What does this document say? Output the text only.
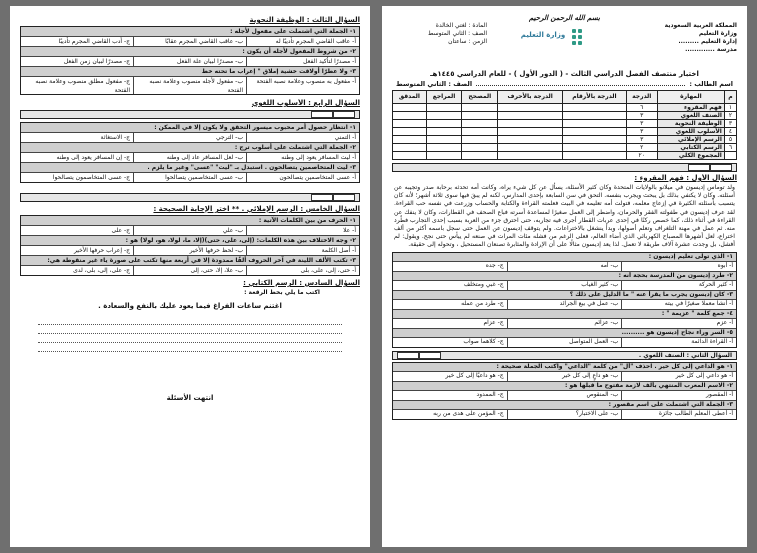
السؤال الثالث : الوظيفة النحوية
١- الجملة التي اشتملت على مفعول لأجله :
أ- عاقب القاضي المجرم تأديبًا له
ب- عاقب القاضي المجرم عقابًا
ج- أدب القاضي المجرم تأديبًا
٢- من شروط المفعول لأجله أن يكون :
أ- مصدرًا لتأكيد الفعل
ب- مصدرًا لبيان علة الفعل
ج- مصدرًا لبيان زمن الفعل
٣- ولا عطرًا أولاقت خشية إملاق " إعراب ما تحته خط
أ- مفعول به منصوب وعلامة نصبه الفتحة
ب- مفعول لأجله منصوب وعلامة نصبه الفتحة
ج- مفعول مطلق منصوب وعلامة نصبه الفتحة
السؤال الرابع : الأسلوب اللغوي
١- انتظار حصول أمر محبوب ميسور التحقق ولا يكون إلا في الممكن :
أ- التمني
ب- الترجي
ج- الاستغاثة
٢- الجملة التي اشتملت على أسلوب ترج :
أ- ليت المسافر يعود إلى وطنه
ب- لعل المسافر عاد إلى وطنه
ج- إن المسافر يعود إلى وطنه
٣- ليت المتخاصمين يتصالحون . استبدل بـ "ليت" "عسى" وغير ما يلزم .
أ- عسى المتخاصمين يتصالحون
ب- عسى المتخاصمين يتصالحوا
ج- عسى المتخاصمون يتصالحوا
السؤال الخامس : الرسم الإملائي . ** اختر الإجابة الصحيحة :
١- الحرف من بين الكلمات الآتية :
أ- علا
ب- علي
ج- على
٢- وجه الاختلاف بين هذه الكلمات: (إلى، على، حتى)(إلا، ما، لولا، هو، لولا) هو :
أ- أصل الكلمة
ب- لحظ حرفها الأخير
ج- إعراب حرفها الأخير
٣- تكتب الألف اللينة في آخر الحروف ألفًا ممدودة إلا في أربعة منها تكتب على صورة ياء غير منقوطة هي:
أ- حتى، إلى، على، بلى
ب- علا، إلا، حتى، إلى
ج- على، إلى، بلى، لدى
السؤال السادس : الرسم الكتابي :
اكتب ما يلي بخط الرقعة :
اغتنم ساعات الفراغ فيما يعود عليك بالنفع والسعادة .
انتهت الأسئلة
بسم الله الرحمن الرحيم
المملكة العربية السعودية
وزارة التعليم
إدارة التعليم .........
مدرسة .............
وزارة التعليم
المادة : لغتي الخالدة
الصف : الثاني المتوسط
الزمن : ساعتان
اختبار منتصف الفصل الدراسي الثالث - ( الدور الأول ) - للعام الدراسي ١٤٤٥هـ
اسم الطالب :
الصف : الثاني المتوسط
م	المهارة	الدرجة	الدرجة بالأرقام	الدرجة بالأحرف	المصحح	المراجع	المدقق
١	فهم المقروء	٦					
٢	الصنف اللغوي	٣					
٣	الوظيفة النحوية	٣					
٤	الأسلوب اللغوي	٣					
٥	الرسم الإملائي	٣					
٦	الرسم الكتابي	٢					
	المجموع الكلي	٢٠					
السؤال الأول : فهم المقروء :

ولد توماس إديسون في ميلانو بالولايات المتحدة وكان كثير الأسئلة، يسأل عن كل شيء يراه، وكانت أمه تحدثه برحابة صدر وتجيبه عن أسئلته. وكان لا يكتفي بذلك بل يبحث ويجرب بنفسه. التحق في سن السابعة بإحدى المدارس، لكنه لم يبقَ فيها سوى ثلاثة أشهر؛ لأنه كان يتسبب بأسئلته الكثيرة في إزعاج معلمه، فتولت أمه تعليمه في البيت فعلمته القراءة والكتابة والحساب وزرعت في نفسه حب القراءة. لقد عرف إديسون في طفولته الفقر والحرمان، واضطر إلى العمل صغيرًا لمساعدة أسرته فباع الصحف في القطارات، وكان لا ينفك عن القراءة في أثناء ذلك، كما خصص ركنًا في إحدى عربات القطار أجرى فيه تجاربه، حتى احترق جزء من العربة بسبب إحدى التجارب فطُرد منه. ثم عمل في مهنة التلغراف وتعلم أصولها، وبدأ ينشغل بالاختراعات. ولم يتوقف إديسون عن العمل حتى سجل باسمه أكثر من ألف اختراع، لعل أشهرها المصباح الكهربائي الذي أضاء العالم، فعلى الرغم من فشله مئات المرات في صنعه لم ييأس حتى نجح. ويقول: لم أفشل، بل وجدت عشرة آلاف طريقة لا تعمل. لذا يعد إديسون مثالًا على أن الإرادة والمثابرة تصنعان المستحيل ، وتحوله إلى حقيقة.

١- الذي تولى تعليم إديسون :
أ- أبوه
ب- أمه
ج- جده
٢- طرد إديسون من المدرسة بحجة أنه :
أ- كثير الحركة
ب- كثير الغياب
ج- غبي ومتخلف
٣- كان إديسون يجرب ما يقرأ عنه " ما الدليل على ذلك ؟
أ- أنشأ معملًا صغيرًا في بيته
ب- عمل في بيع الجرائد
ج- طرد من عمله
٤- جمع كلمة " عزيمة " :
أ- عزم
ب- عزائم
ج- عزام
٥- السر وراء نجاح إديسون هو ..........
أ- القراءة الدائمة
ب- العمل المتواصل
ج- كلاهما صواب
السؤال الثاني : الصنف اللغوي .
١- هو الداعي إلى كل خير . احذف "أل" من كلمة "الداعي" واكتب الجملة صحيحة :
أ- هو داعي إلى كل خير
ب- هو داعٍ إلى كل خير
ج- هو داعيًا إلى كل خير
٢- الاسم المعرب المنتهي بألف لازمة مفتوح ما قبلها هو :
أ- المقصور
ب- المنقوص
ج- الممدود
٣- الجملة التي اشتملت على اسم مقصور :
أ- أعطى المعلم الطالب جائزة
ب- على الاختبار؟
ج- المؤمن على هدى من ربه
